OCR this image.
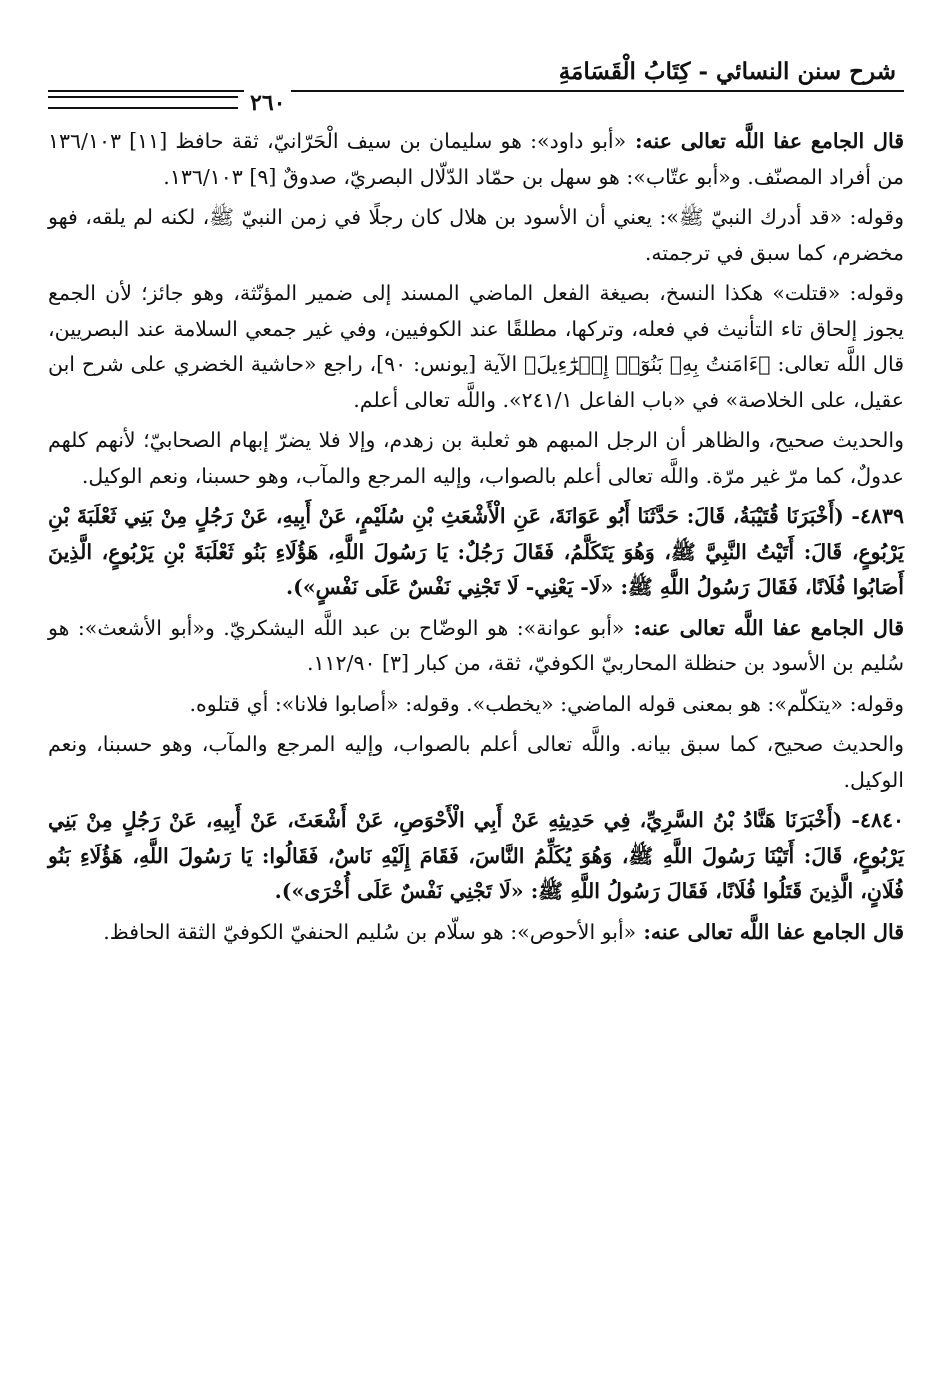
شرح سنن النسائي - كِتَابُ الْقَسَامَةِ
٢٦٠

قال الجامع عفا اللَّه تعالى عنه: «أبو داود»: هو سليمان بن سيف الْحَرّانيّ، ثقة حافظ [١١] ١٣٦/١٠٣ من أفراد المصنّف. و«أبو عتّاب»: هو سهل بن حمّاد الدّلّال البصريّ، صدوقٌ [٩] ١٣٦/١٠٣.

وقوله: «قد أدرك النبيّ ﷺ»: يعني أن الأسود بن هلال كان رجلًا في زمن النبيّ ﷺ، لكنه لم يلقه، فهو مخضرم، كما سبق في ترجمته.

وقوله: «قتلت» هكذا النسخ، بصيغة الفعل الماضي المسند إلى ضمير المؤنّثة، وهو جائز؛ لأن الجمع يجوز إلحاق تاء التأنيث في فعله، وتركها، مطلقًا عند الكوفيين، وفي غير جمعي السلامة عند البصريين، قال اللَّه تعالى: ﴿ءَامَنتُ بِهِۦ بَنُوٓا۟ إِسۡرَٰٓءِيلَ﴾ الآية [يونس: ٩٠]، راجع «حاشية الخضري على شرح ابن عقيل، على الخلاصة» في «باب الفاعل ٢٤١/١». واللَّه تعالى أعلم.

والحديث صحيح، والظاهر أن الرجل المبهم هو ثعلبة بن زهدم، وإلا فلا يضرّ إبهام الصحابيّ؛ لأنهم كلهم عدولٌ، كما مرّ غير مرّة. واللَّه تعالى أعلم بالصواب، وإليه المرجع والمآب، وهو حسبنا، ونعم الوكيل.

٤٨٣٩- (أَخْبَرَنَا قُتَيْبَةُ، قَالَ: حَدَّثَنَا أَبُو عَوَانَةَ، عَنِ الْأَشْعَثِ بْنِ سُلَيْمٍ، عَنْ أَبِيهِ، عَنْ رَجُلٍ مِنْ بَنِي ثَعْلَبَةَ بْنِ يَرْبُوعٍ، قَالَ: أَتَيْتُ النَّبِيَّ ﷺ، وَهُوَ يَتَكَلَّمُ، فَقَالَ رَجُلٌ: يَا رَسُولَ اللَّهِ، هَؤُلَاءِ بَنُو ثَعْلَبَةَ بْنِ يَرْبُوعٍ، الَّذِينَ أَصَابُوا فُلَانًا، فَقَالَ رَسُولُ اللَّهِ ﷺ: «لَا- يَعْنِي- لَا تَجْنِي نَفْسٌ عَلَى نَفْسٍ»).

قال الجامع عفا اللَّه تعالى عنه: «أبو عوانة»: هو الوضّاح بن عبد اللَّه اليشكريّ. و«أبو الأشعث»: هو سُليم بن الأسود بن حنظلة المحاربيّ الكوفيّ، ثقة، من كبار [٣] ١١٢/٩٠.

وقوله: «يتكلّم»: هو بمعنى قوله الماضي: «يخطب». وقوله: «أصابوا فلانا»: أي قتلوه.

والحديث صحيح، كما سبق بيانه. واللَّه تعالى أعلم بالصواب، وإليه المرجع والمآب، وهو حسبنا، ونعم الوكيل.

٤٨٤٠- (أَخْبَرَنَا هَنَّادُ بْنُ السَّرِيِّ، فِي حَدِيثِهِ عَنْ أَبِي الْأَحْوَصِ، عَنْ أَشْعَثَ، عَنْ أَبِيهِ، عَنْ رَجُلٍ مِنْ بَنِي يَرْبُوعٍ، قَالَ: أَتَيْنَا رَسُولَ اللَّهِ ﷺ، وَهُوَ يُكَلِّمُ النَّاسَ، فَقَامَ إِلَيْهِ نَاسٌ، فَقَالُوا: يَا رَسُولَ اللَّهِ، هَؤُلَاءِ بَنُو فُلَانٍ، الَّذِينَ قَتَلُوا فُلَانًا، فَقَالَ رَسُولُ اللَّهِ ﷺ: «لَا تَجْنِي نَفْسٌ عَلَى أُخْرَى»).

قال الجامع عفا اللَّه تعالى عنه: «أبو الأحوص»: هو سلّام بن سُليم الحنفيّ الكوفيّ الثقة الحافظ.
